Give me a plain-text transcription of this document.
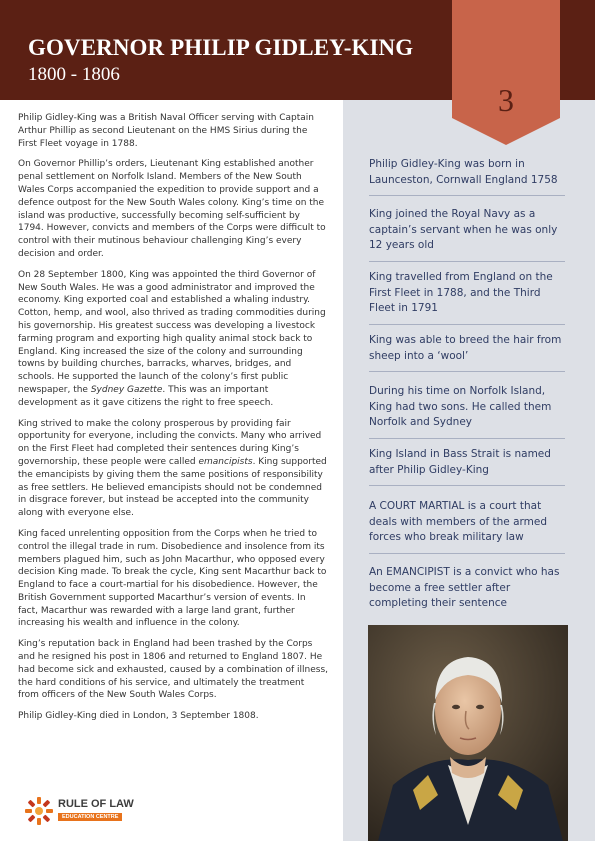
GOVERNOR PHILIP GIDLEY-KING
1800 - 1806
3
Philip Gidley-King was born in Launceston, Cornwall England 1758
King joined the Royal Navy as a captain’s servant when he was only 12 years old
King travelled from England on the First Fleet in 1788, and the Third Fleet in 1791
King was able to breed the hair from sheep into a ‘wool’
During his time on Norfolk Island, King had two sons. He called them Norfolk and Sydney
King Island in Bass Strait is named after Philip Gidley-King
A COURT MARTIAL is a court that deals with members of the armed forces who break military law
An EMANCIPIST is a convict who has become a free settler after completing their sentence

Philip Gidley-King was a British Naval Officer serving with Captain Arthur Phillip as second Lieutenant on the HMS Sirius during the First Fleet voyage in 1788.

On Governor Phillip’s orders, Lieutenant King established another penal settlement on Norfolk Island. Members of the New South Wales Corps accompanied the expedition to provide support and a defence outpost for the New South Wales colony. King’s time on the island was productive, successfully becoming self-sufficient by 1794. However, convicts and members of the Corps were difficult to control with their mutinous behaviour challenging King’s every decision and order.

On 28 September 1800, King was appointed the third Governor of New South Wales. He was a good administrator and improved the economy. King exported coal and established a whaling industry. Cotton, hemp, and wool, also thrived as trading commodities during his governorship. His greatest success was developing a livestock farming program and exporting high quality animal stock back to England. King increased the size of the colony and surrounding towns by building churches, barracks, wharves, bridges, and schools. He supported the launch of the colony’s first public newspaper, the Sydney Gazette. This was an important development as it gave citizens the right to free speech.

King strived to make the colony prosperous by providing fair opportunity for everyone, including the convicts. Many who arrived on the First Fleet had completed their sentences during King’s governorship, these people were called emancipists. King supported the emancipists by giving them the same positions of responsibility as free settlers. He believed emancipists should not be condemned in disgrace forever, but instead be accepted into the community along with everyone else.

King faced unrelenting opposition from the Corps when he tried to control the illegal trade in rum. Disobedience and insolence from its members plagued him, such as John Macarthur, who opposed every decision King made. To break the cycle, King sent Macarthur back to England to face a court-martial for his disobedience. However, the British Government supported Macarthur’s version of events. In fact, Macarthur was rewarded with a large land grant, further increasing his wealth and influence in the colony.

King’s reputation back in England had been trashed by the Corps and he resigned his post in 1806 and returned to England 1807. He had become sick and exhausted, caused by a combination of illness, the hard conditions of his service, and ultimately the treatment from officers of the New South Wales Corps.

Philip Gidley-King died in London, 3 September 1808.

RULE OF LAW
EDUCATION CENTRE
